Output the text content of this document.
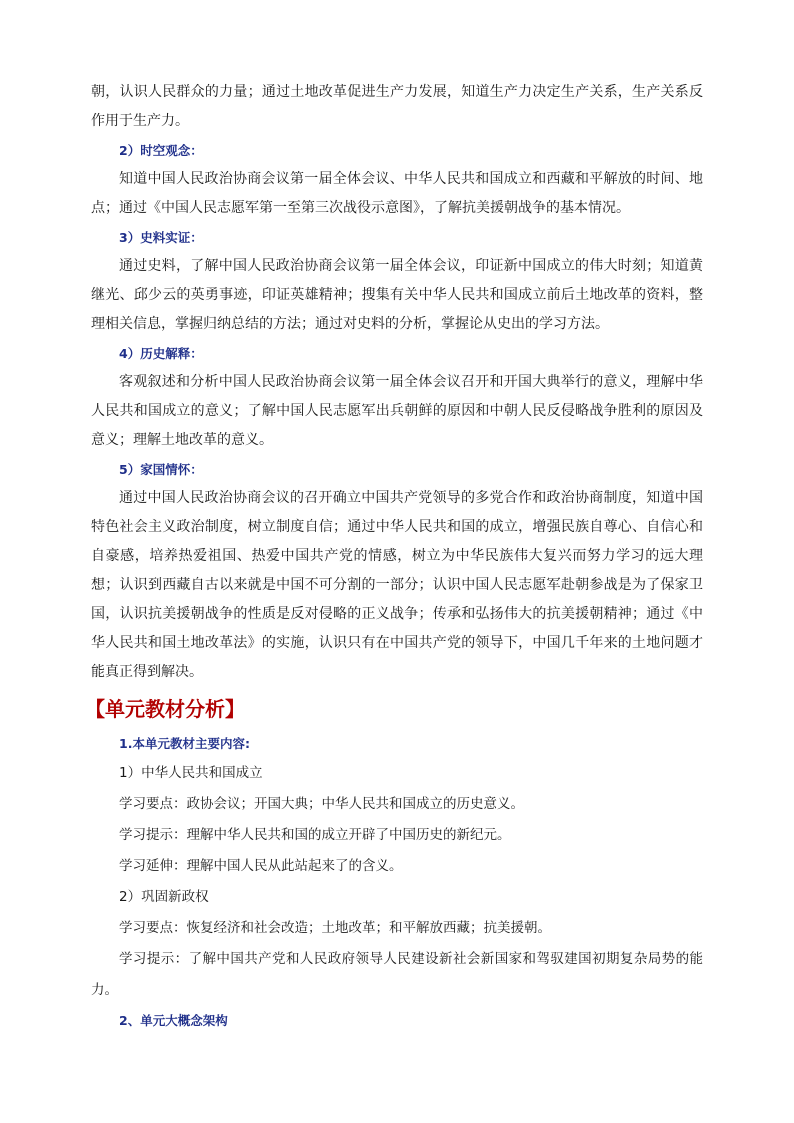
朝，认识人民群众的力量；通过土地改革促进生产力发展，知道生产力决定生产关系，生产关系反作用于生产力。

2）时空观念：

知道中国人民政治协商会议第一届全体会议、中华人民共和国成立和西藏和平解放的时间、地点；通过《中国人民志愿军第一至第三次战役示意图》，了解抗美援朝战争的基本情况。

3）史料实证：

通过史料，了解中国人民政治协商会议第一届全体会议，印证新中国成立的伟大时刻；知道黄继光、邱少云的英勇事迹，印证英雄精神；搜集有关中华人民共和国成立前后土地改革的资料，整理相关信息，掌握归纳总结的方法；通过对史料的分析，掌握论从史出的学习方法。

4）历史解释：

客观叙述和分析中国人民政治协商会议第一届全体会议召开和开国大典举行的意义，理解中华人民共和国成立的意义；了解中国人民志愿军出兵朝鲜的原因和中朝人民反侵略战争胜利的原因及意义；理解土地改革的意义。

5）家国情怀：

通过中国人民政治协商会议的召开确立中国共产党领导的多党合作和政治协商制度，知道中国特色社会主义政治制度，树立制度自信；通过中华人民共和国的成立，增强民族自尊心、自信心和自豪感，培养热爱祖国、热爱中国共产党的情感，树立为中华民族伟大复兴而努力学习的远大理想；认识到西藏自古以来就是中国不可分割的一部分；认识中国人民志愿军赴朝参战是为了保家卫国，认识抗美援朝战争的性质是反对侵略的正义战争；传承和弘扬伟大的抗美援朝精神；通过《中华人民共和国土地改革法》的实施，认识只有在中国共产党的领导下，中国几千年来的土地问题才能真正得到解决。

【单元教材分析】
1.本单元教材主要内容:
1）中华人民共和国成立
学习要点：政协会议；开国大典；中华人民共和国成立的历史意义。
学习提示：理解中华人民共和国的成立开辟了中国历史的新纪元。
学习延伸：理解中国人民从此站起来了的含义。
2）巩固新政权
学习要点：恢复经济和社会改造；土地改革；和平解放西藏；抗美援朝。

学习提示：了解中国共产党和人民政府领导人民建设新社会新国家和驾驭建国初期复杂局势的能力。

2、单元大概念架构
